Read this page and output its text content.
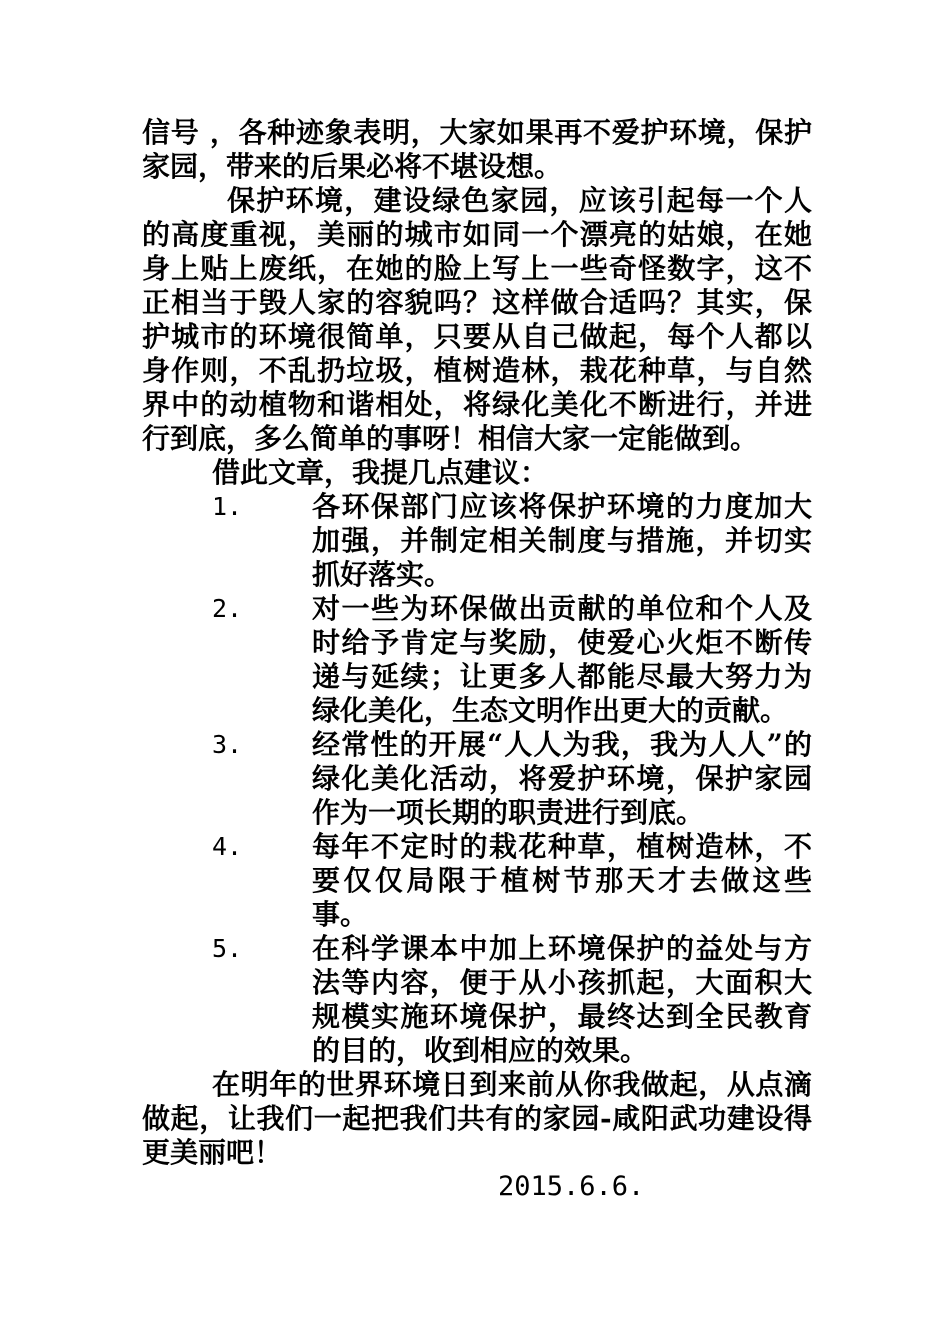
信号 ，各种迹象表明，大家如果再不爱护环境，保护家园，带来的后果必将不堪设想。

保护环境，建设绿色家园，应该引起每一个人的高度重视，美丽的城市如同一个漂亮的姑娘，在她身上贴上废纸，在她的脸上写上一些奇怪数字，这不正相当于毁人家的容貌吗？这样做合适吗？其实，保护城市的环境很简单，只要从自己做起，每个人都以身作则，不乱扔垃圾，植树造林，栽花种草，与自然界中的动植物和谐相处，将绿化美化不断进行，并进行到底，多么简单的事呀！相信大家一定能做到。

借此文章，我提几点建议：

1. 各环保部门应该将保护环境的力度加大加强，并制定相关制度与措施，并切实抓好落实。
2. 对一些为环保做出贡献的单位和个人及时给予肯定与奖励，使爱心火炬不断传递与延续；让更多人都能尽最大努力为绿化美化，生态文明作出更大的贡献。
3. 经常性的开展“人人为我，我为人人”的绿化美化活动，将爱护环境，保护家园作为一项长期的职责进行到底。
4. 每年不定时的栽花种草，植树造林，不要仅仅局限于植树节那天才去做这些事。
5. 在科学课本中加上环境保护的益处与方法等内容，便于从小孩抓起，大面积大规模实施环境保护，最终达到全民教育的目的，收到相应的效果。

在明年的世界环境日到来前从你我做起，从点滴做起，让我们一起把我们共有的家园-咸阳武功建设得更美丽吧！

2015.6.6.
